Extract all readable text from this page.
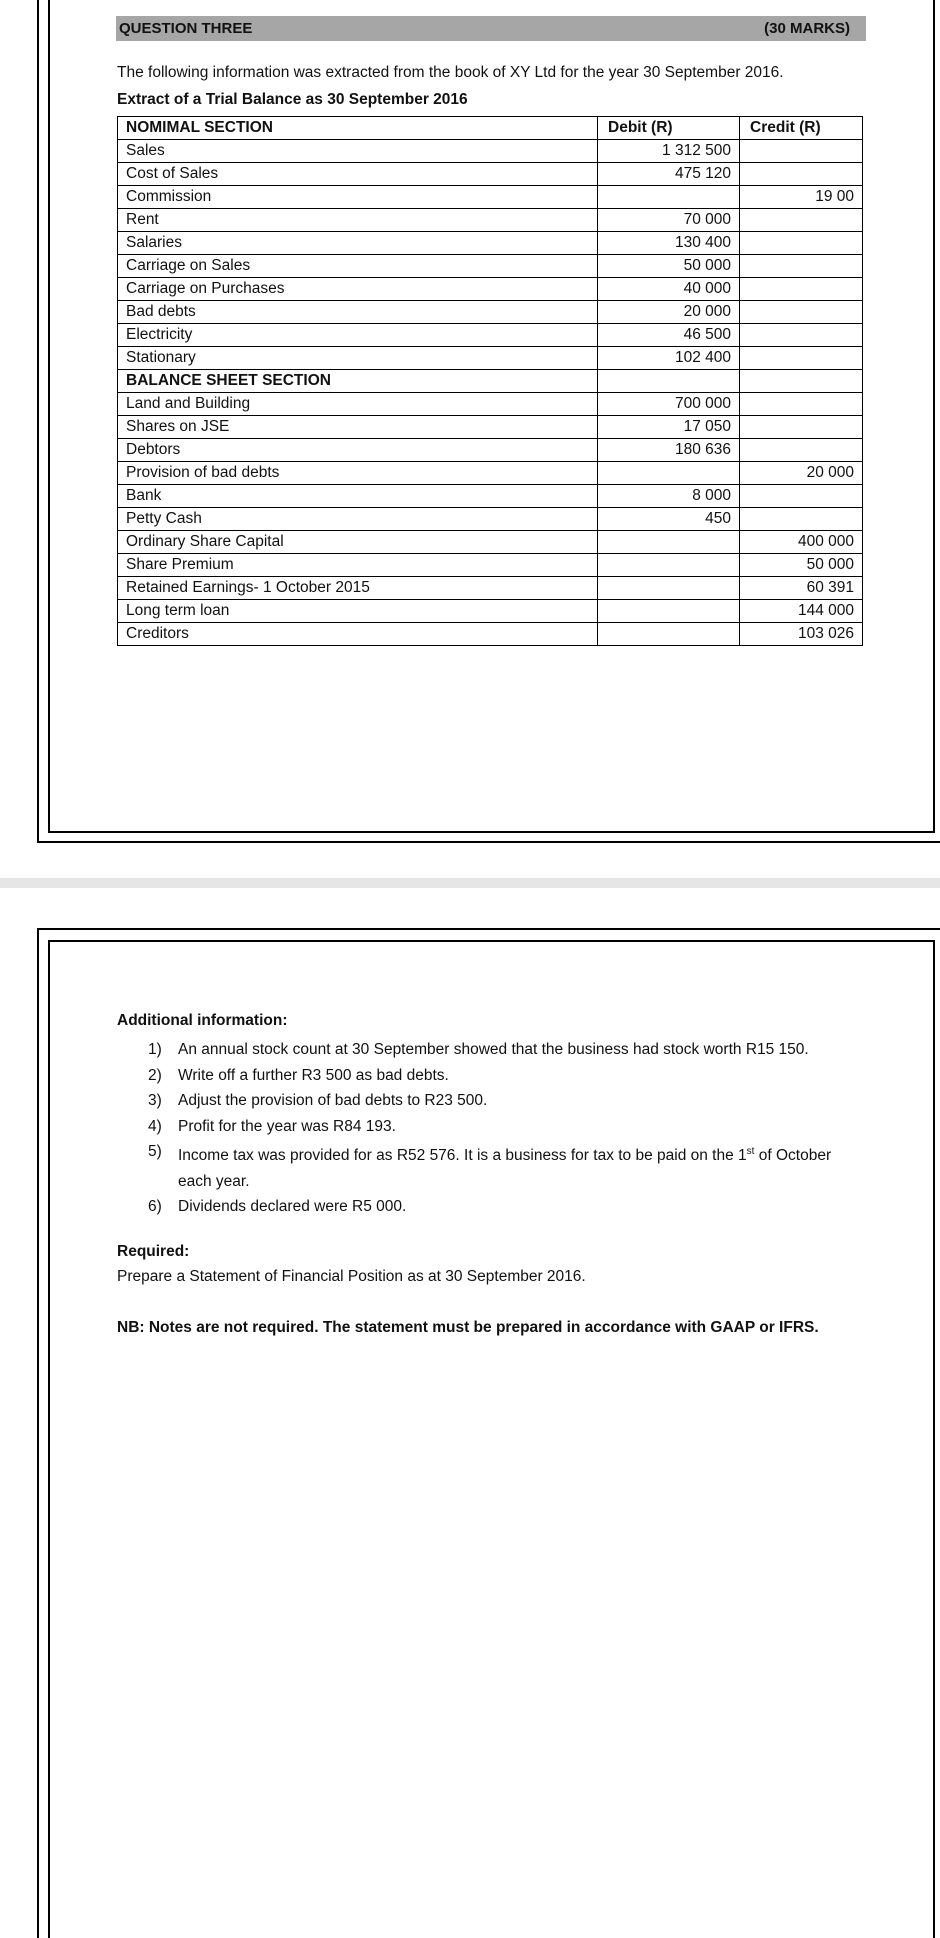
QUESTION THREE	(30 MARKS)
The following information was extracted from the book of XY Ltd for the year 30 September 2016.
Extract of a Trial Balance as 30 September 2016
NOMIMAL SECTION	Debit (R)	Credit (R)
Sales	1 312 500	
Cost of Sales	475 120	
Commission		19 00
Rent	70 000	
Salaries	130 400	
Carriage on Sales	50 000	
Carriage on Purchases	40 000	
Bad debts	20 000	
Electricity	46 500	
Stationary	102 400	
BALANCE SHEET SECTION		
Land and Building	700 000	
Shares on JSE	17 050	
Debtors	180 636	
Provision of bad debts		20 000
Bank	8 000	
Petty Cash	450	
Ordinary Share Capital		400 000
Share Premium		50 000
Retained Earnings- 1 October 2015		60 391
Long term loan		144 000
Creditors		103 026
Additional information:
1)	An annual stock count at 30 September showed that the business had stock worth R15 150.
2)	Write off a further R3 500 as bad debts.
3)	Adjust the provision of bad debts to R23 500.
4)	Profit for the year was R84 193.
5)	Income tax was provided for as R52 576. It is a business for tax to be paid on the 1st of October each year.
6)	Dividends declared were R5 000.
Required:
Prepare a Statement of Financial Position as at 30 September 2016.
NB: Notes are not required. The statement must be prepared in accordance with GAAP or IFRS.
